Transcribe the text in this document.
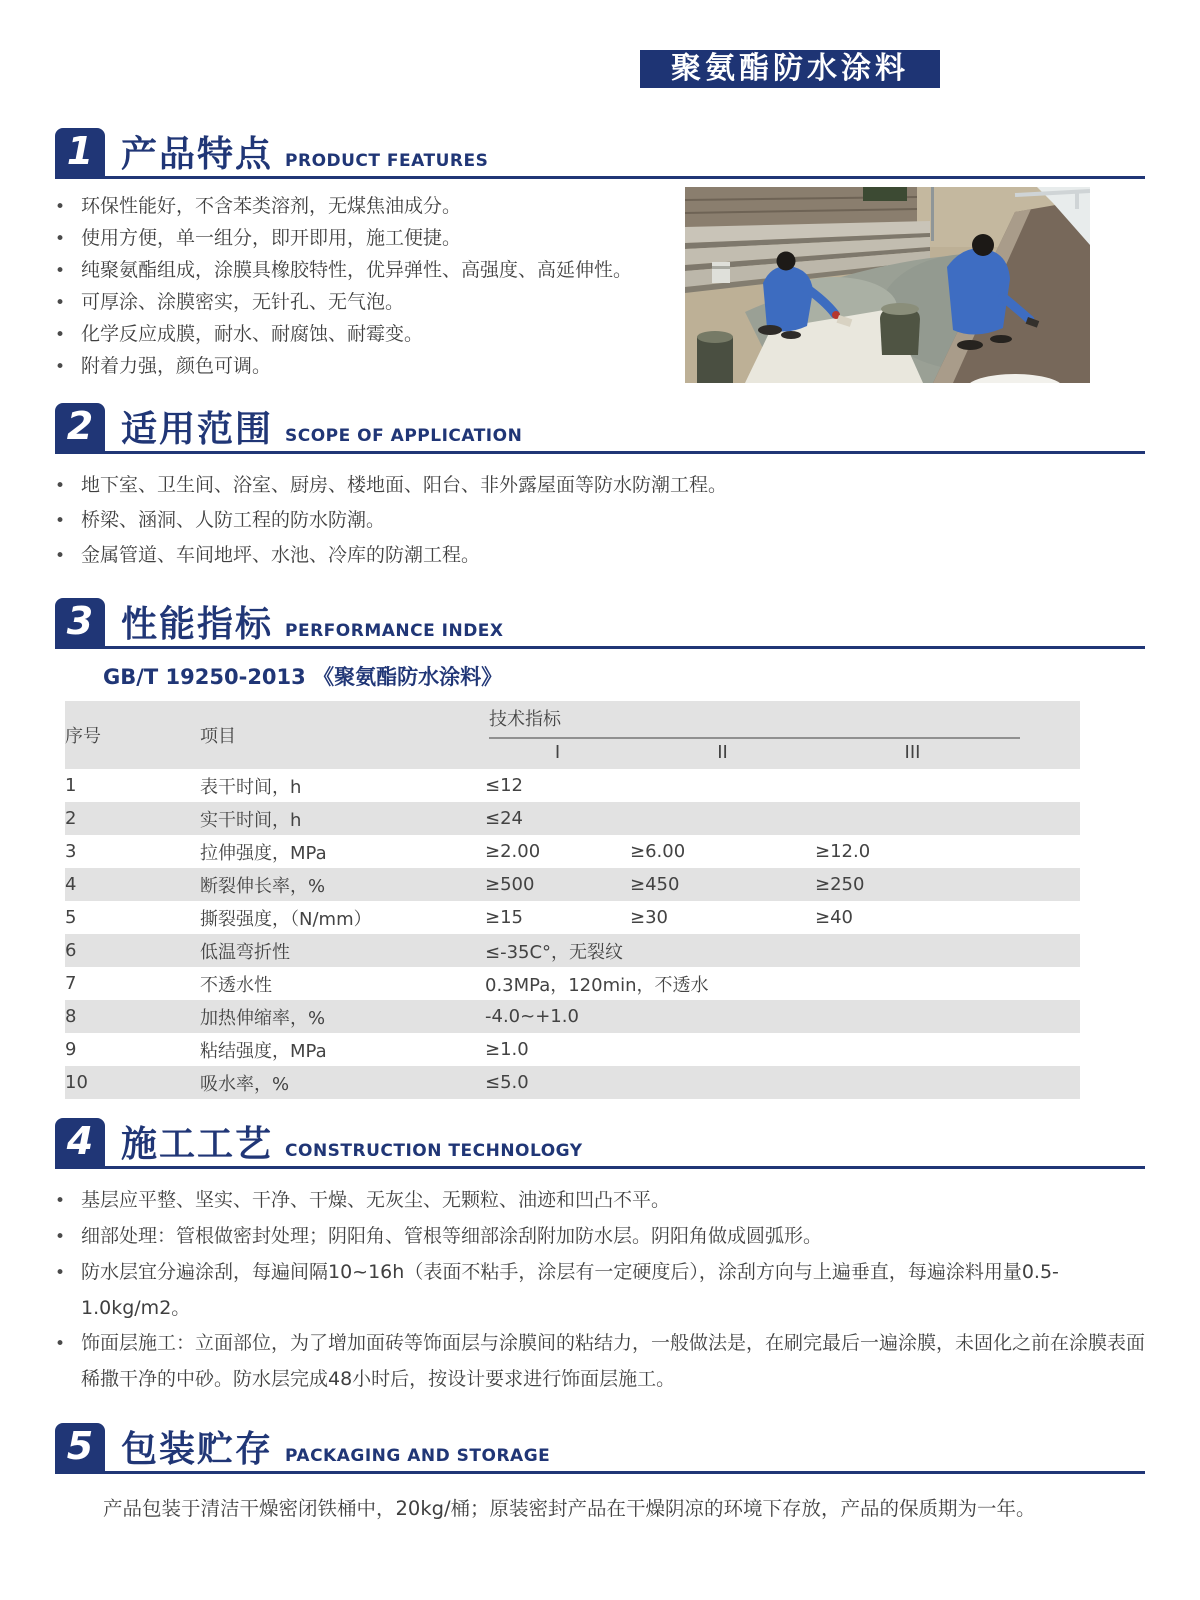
聚氨酯防水涂料
1 产品特点 PRODUCT FEATURES
• 环保性能好，不含苯类溶剂，无煤焦油成分。
• 使用方便，单一组分，即开即用，施工便捷。
• 纯聚氨酯组成，涂膜具橡胶特性，优异弹性、高强度、高延伸性。
• 可厚涂、涂膜密实，无针孔、无气泡。
• 化学反应成膜，耐水、耐腐蚀、耐霉变。
• 附着力强，颜色可调。
2 适用范围 SCOPE OF APPLICATION
• 地下室、卫生间、浴室、厨房、楼地面、阳台、非外露屋面等防水防潮工程。
• 桥梁、涵洞、人防工程的防水防潮。
• 金属管道、车间地坪、水池、冷库的防潮工程。
3 性能指标 PERFORMANCE INDEX
GB/T 19250-2013 《聚氨酯防水涂料》
序号	项目	技术指标		

		I	II	III
1	表干时间，h	≤12		
2	实干时间，h	≤24		
3	拉伸强度，MPa	≥2.00	≥6.00	≥12.0
4	断裂伸长率，%	≥500	≥450	≥250
5	撕裂强度，（N/mm）	≥15	≥30	≥40
6	低温弯折性	≤-35C°，无裂纹		
7	不透水性	0.3MPa，120min，不透水		
8	加热伸缩率，%	-4.0~+1.0		
9	粘结强度，MPa	≥1.0		
10	吸水率，%	≤5.0		
4 施工工艺 CONSTRUCTION TECHNOLOGY
• 基层应平整、坚实、干净、干燥、无灰尘、无颗粒、油迹和凹凸不平。
• 细部处理：管根做密封处理；阴阳角、管根等细部涂刮附加防水层。阴阳角做成圆弧形。
• 防水层宜分遍涂刮，每遍间隔10~16h（表面不粘手，涂层有一定硬度后），涂刮方向与上遍垂直，每遍涂料用量0.5-1.0kg/m2。
• 饰面层施工：立面部位，为了增加面砖等饰面层与涂膜间的粘结力，一般做法是，在刷完最后一遍涂膜，未固化之前在涂膜表面稀撒干净的中砂。防水层完成48小时后，按设计要求进行饰面层施工。
5 包装贮存 PACKAGING AND STORAGE
产品包装于清洁干燥密闭铁桶中，20kg/桶；原装密封产品在干燥阴凉的环境下存放，产品的保质期为一年。
